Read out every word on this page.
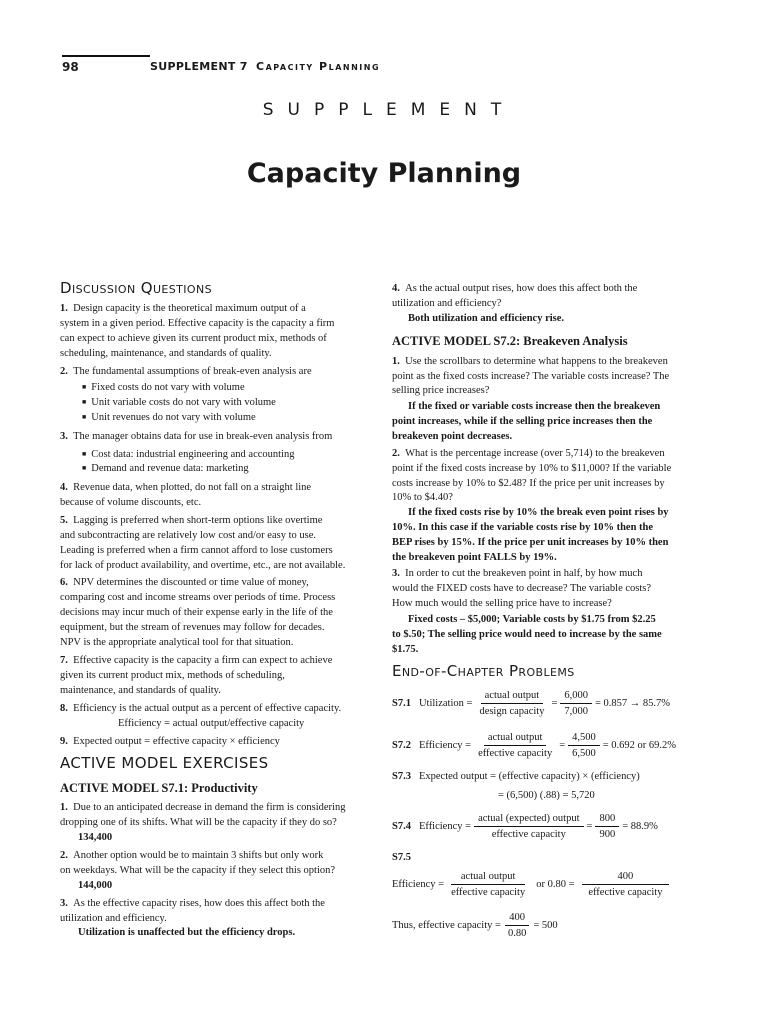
98	SUPPLEMENT 7 Capacity Planning
SUPPLEMENT
Capacity Planning
Discussion Questions
1. Design capacity is the theoretical maximum output of a
system in a given period. Effective capacity is the capacity a firm
can expect to achieve given its current product mix, methods of
scheduling, maintenance, and standards of quality.
2. The fundamental assumptions of break-even analysis are
■ Fixed costs do not vary with volume
■ Unit variable costs do not vary with volume
■ Unit revenues do not vary with volume
3. The manager obtains data for use in break-even analysis from
■ Cost data: industrial engineering and accounting
■ Demand and revenue data: marketing
4. Revenue data, when plotted, do not fall on a straight line
because of volume discounts, etc.
5. Lagging is preferred when short-term options like overtime
and subcontracting are relatively low cost and/or easy to use.
Leading is preferred when a firm cannot afford to lose customers
for lack of product availability, and overtime, etc., are not available.
6. NPV determines the discounted or time value of money,
comparing cost and income streams over periods of time. Process
decisions may incur much of their expense early in the life of the
equipment, but the stream of revenues may follow for decades.
NPV is the appropriate analytical tool for that situation.
7. Effective capacity is the capacity a firm can expect to achieve
given its current product mix, methods of scheduling,
maintenance, and standards of quality.
8. Efficiency is the actual output as a percent of effective capacity.
Efficiency = actual output/effective capacity
9. Expected output = effective capacity × efficiency
ACTIVE MODEL EXERCISES
ACTIVE MODEL S7.1: Productivity
1. Due to an anticipated decrease in demand the firm is considering
dropping one of its shifts. What will be the capacity if they do so?
134,400
2. Another option would be to maintain 3 shifts but only work
on weekdays. What will be the capacity if they select this option?
144,000
3. As the effective capacity rises, how does this affect both the
utilization and efficiency.
Utilization is unaffected but the efficiency drops.
4. As the actual output rises, how does this affect both the
utilization and efficiency?
Both utilization and efficiency rise.
ACTIVE MODEL S7.2: Breakeven Analysis
1. Use the scrollbars to determine what happens to the breakeven
point as the fixed costs increase? The variable costs increase? The
selling price increases?
If the fixed or variable costs increase then the breakeven
point increases, while if the selling price increases then the
breakeven point decreases.
2. What is the percentage increase (over 5,714) to the breakeven
point if the fixed costs increase by 10% to $11,000? If the variable
costs increase by 10% to $2.48? If the price per unit increases by
10% to $4.40?
If the fixed costs rise by 10% the break even point rises by
10%. In this case if the variable costs rise by 10% then the
BEP rises by 15%. If the price per unit increases by 10% then
the breakeven point FALLS by 19%.
3. In order to cut the breakeven point in half, by how much
would the FIXED costs have to decrease? The variable costs?
How much would the selling price have to increase?
Fixed costs – $5,000; Variable costs by $1.75 from $2.25
to $.50; The selling price would need to increase by the same
$1.75.
End-of-Chapter Problems
S7.1 Utilization = $\frac{\text{actual output}}{\text{design capacity}} = \frac{6,000}{7,000} = 0.857 \to 85.7\%$
S7.2 Efficiency = $\frac{\text{actual output}}{\text{effective capacity}} = \frac{4,500}{6,500} = 0.692$ or 69.2%
S7.3 Expected output = (effective capacity) × (efficiency)
= (6,500) (.88) = 5,720
S7.4 Efficiency = $\frac{\text{actual (expected) output}}{\text{effective capacity}} = \frac{800}{900} = 88.9\%$
S7.5
Efficiency = $\frac{\text{actual output}}{\text{effective capacity}}$ or $0.80 = \frac{400}{\text{effective capacity}}$
Thus, effective capacity = $\frac{400}{0.80} = 500$
